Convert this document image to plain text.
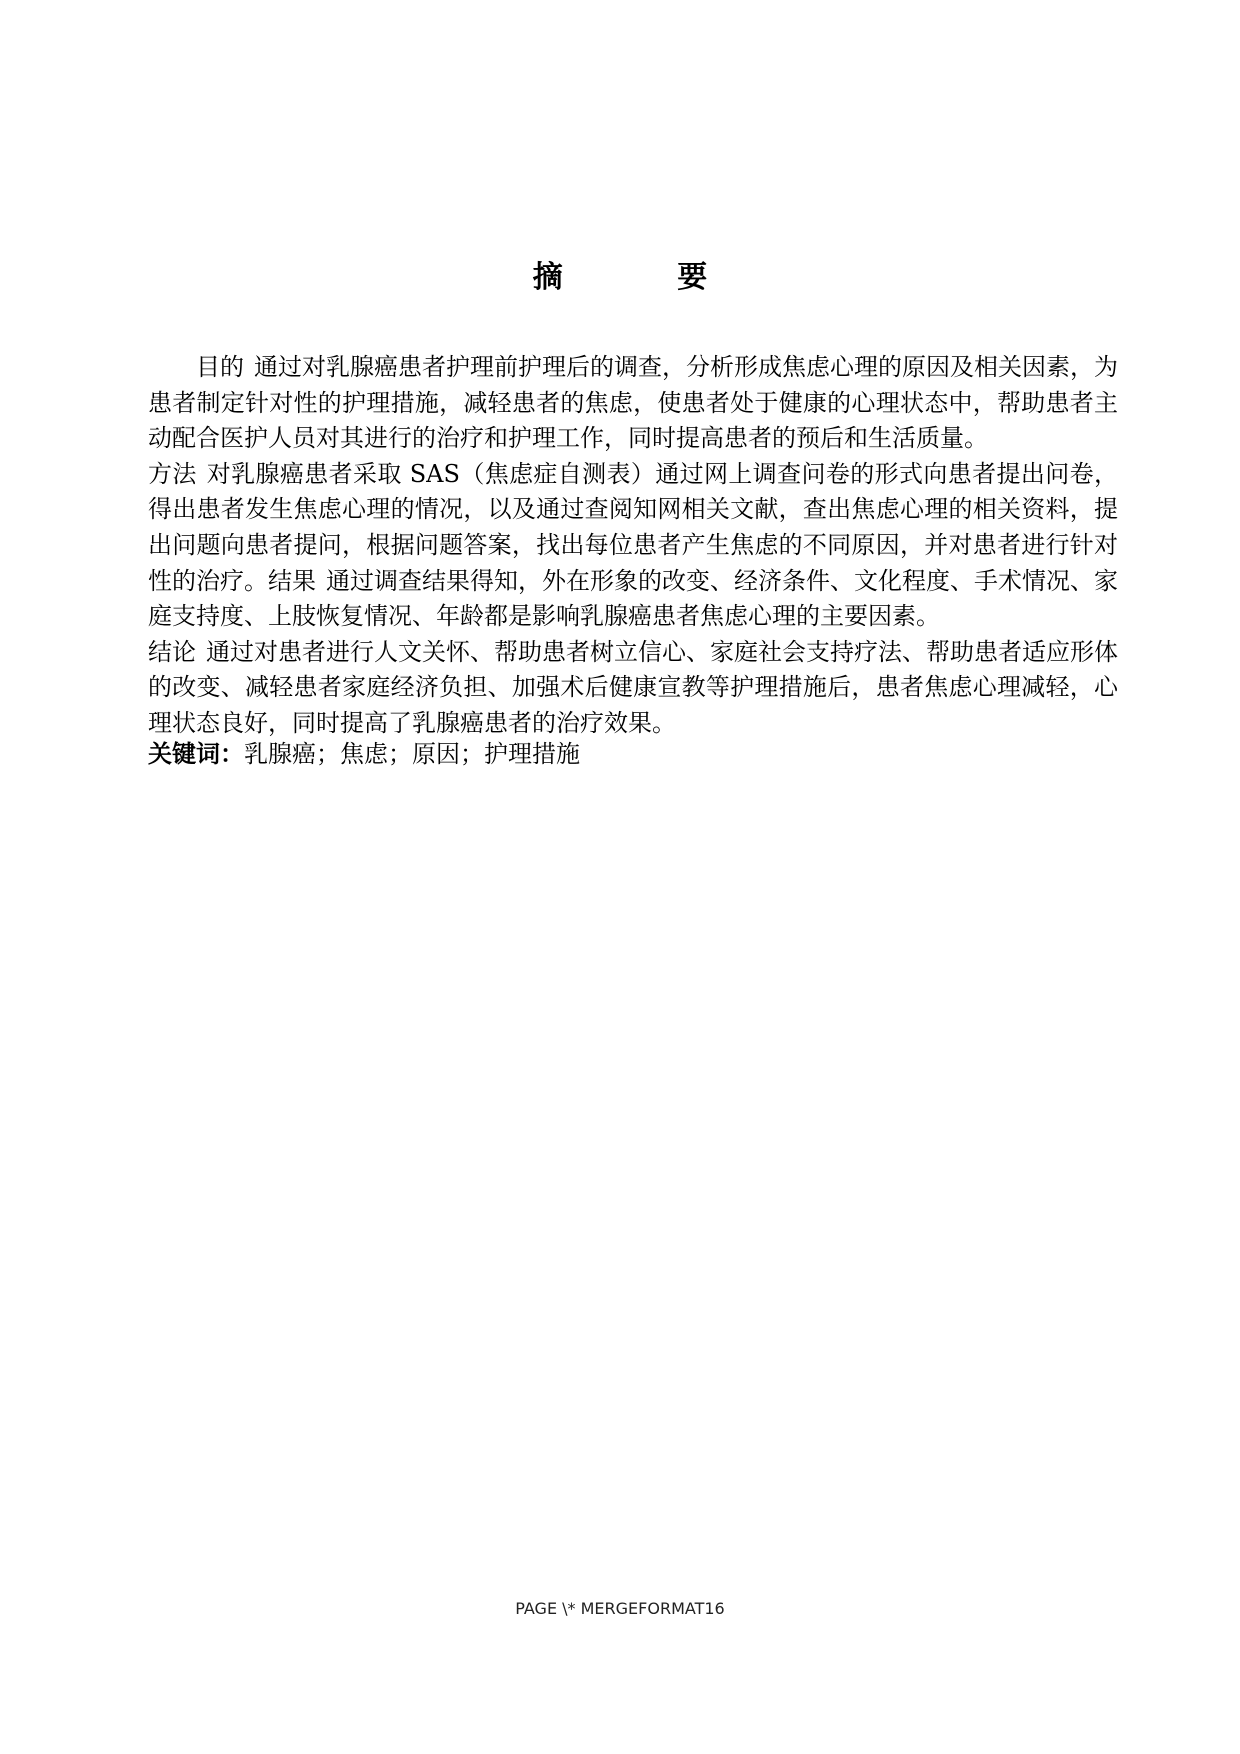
摘 要

目的 通过对乳腺癌患者护理前护理后的调查，分析形成焦虑心理的原因及相关因素，为患者制定针对性的护理措施，减轻患者的焦虑，使患者处于健康的心理状态中，帮助患者主动配合医护人员对其进行的治疗和护理工作，同时提高患者的预后和生活质量。

方法 对乳腺癌患者采取 SAS（焦虑症自测表）通过网上调查问卷的形式向患者提出问卷，得出患者发生焦虑心理的情况，以及通过查阅知网相关文献，查出焦虑心理的相关资料，提出问题向患者提问，根据问题答案，找出每位患者产生焦虑的不同原因，并对患者进行针对性的治疗。结果 通过调查结果得知，外在形象的改变、经济条件、文化程度、手术情况、家庭支持度、上肢恢复情况、年龄都是影响乳腺癌患者焦虑心理的主要因素。

结论 通过对患者进行人文关怀、帮助患者树立信心、家庭社会支持疗法、帮助患者适应形体的改变、减轻患者家庭经济负担、加强术后健康宣教等护理措施后，患者焦虑心理减轻，心理状态良好，同时提高了乳腺癌患者的治疗效果。

关键词：乳腺癌；焦虑；原因；护理措施
PAGE \* MERGEFORMAT16
